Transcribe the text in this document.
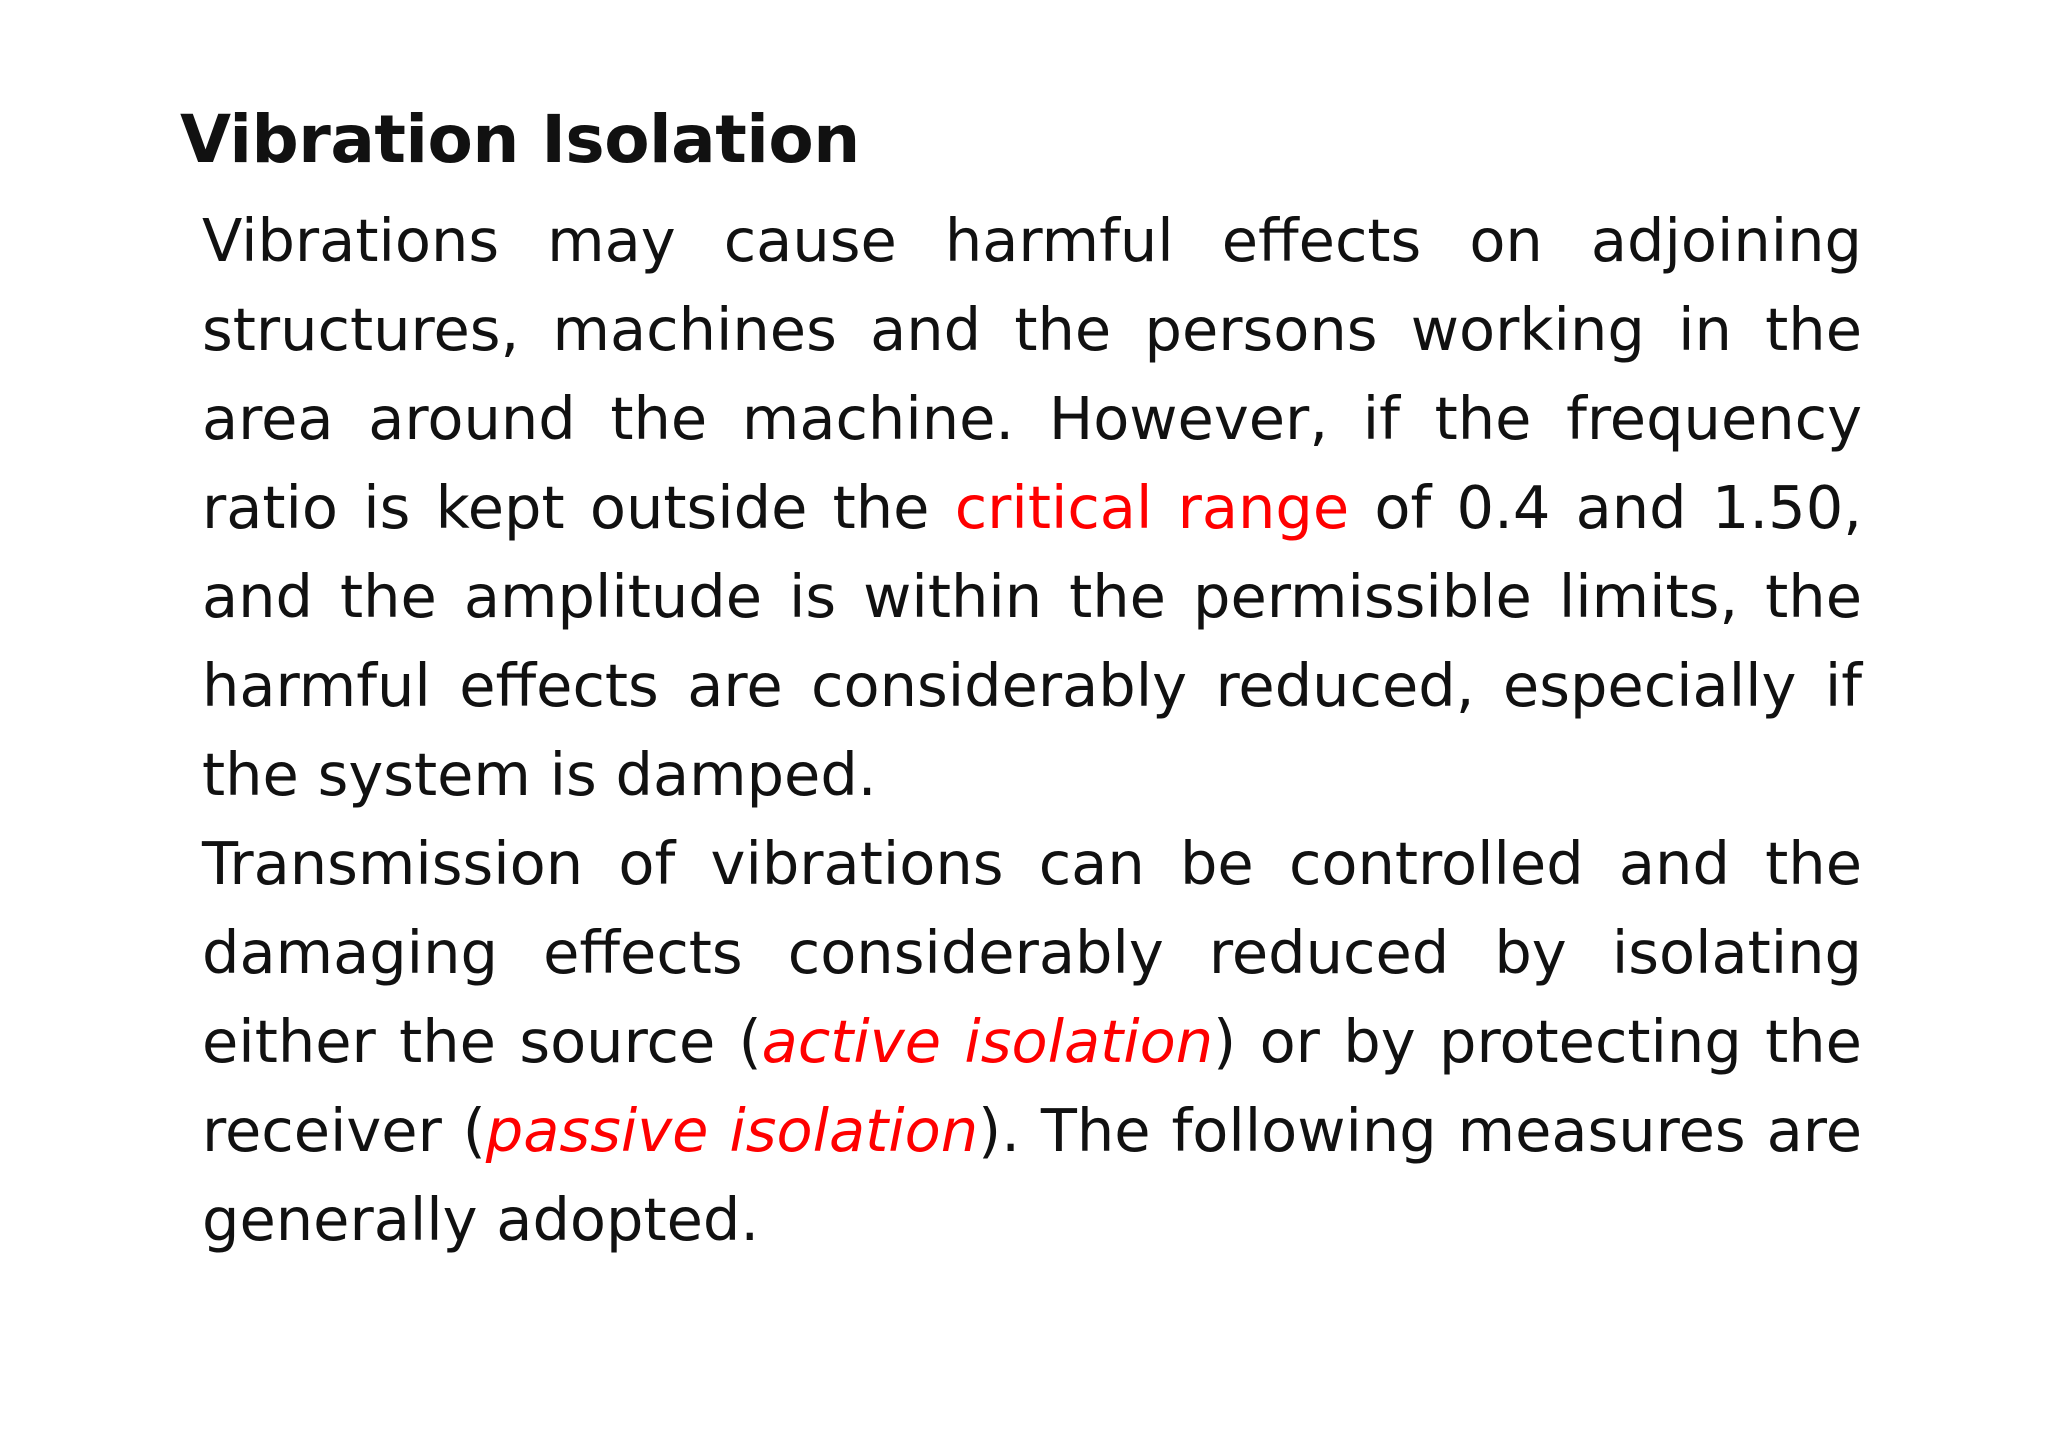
Vibration Isolation

Vibrations may cause harmful effects on adjoining structures, machines and the persons working in the area around the machine. However, if the frequency ratio is kept outside the critical range of 0.4 and 1.50, and the amplitude is within the permissible limits, the harmful effects are considerably reduced, especially if the system is damped.

Transmission of vibrations can be controlled and the damaging effects considerably reduced by isolating either the source (active isolation) or by protecting the receiver (passive isolation). The following measures are generally adopted.
